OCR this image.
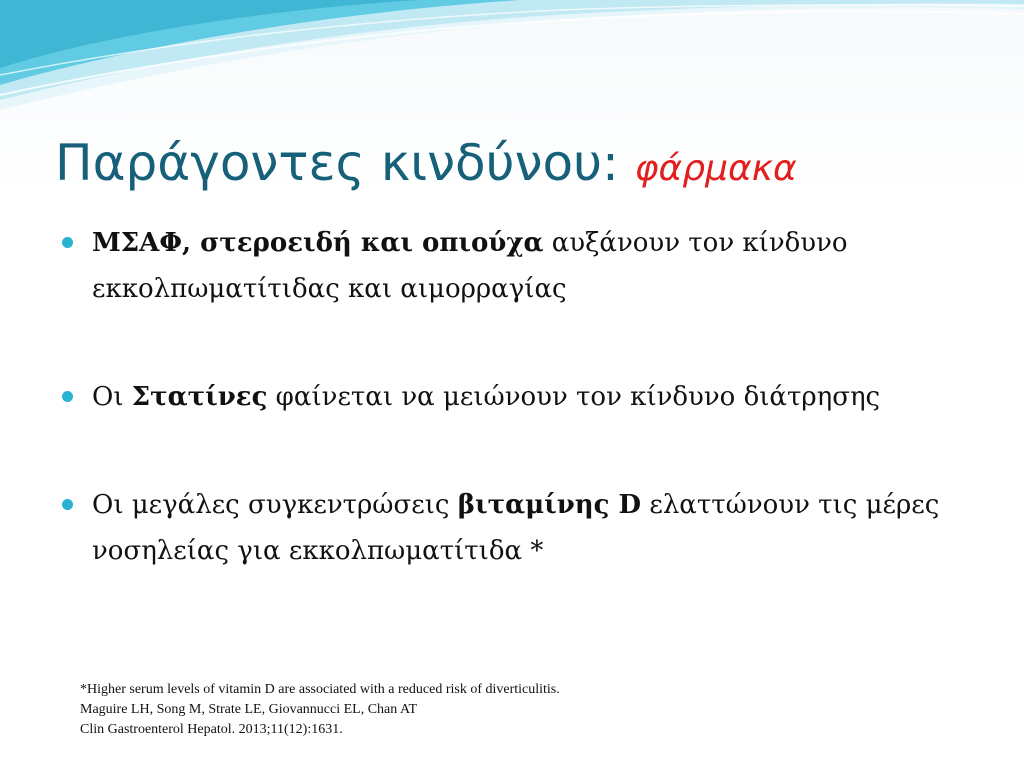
Παράγοντες κινδύνου: φάρμακα
ΜΣΑΦ, στεροειδή και οπιούχα αυξάνουν τον κίνδυνο εκκολπωματίτιδας και αιμορραγίας
Οι Στατίνες φαίνεται να μειώνουν τον κίνδυνο διάτρησης
Οι μεγάλες συγκεντρώσεις βιταμίνης D ελαττώνουν τις μέρες νοσηλείας για εκκολπωματίτιδα *
*Higher serum levels of vitamin D are associated with a reduced risk of diverticulitis.
Maguire LH, Song M, Strate LE, Giovannucci EL, Chan AT
Clin Gastroenterol Hepatol. 2013;11(12):1631.
